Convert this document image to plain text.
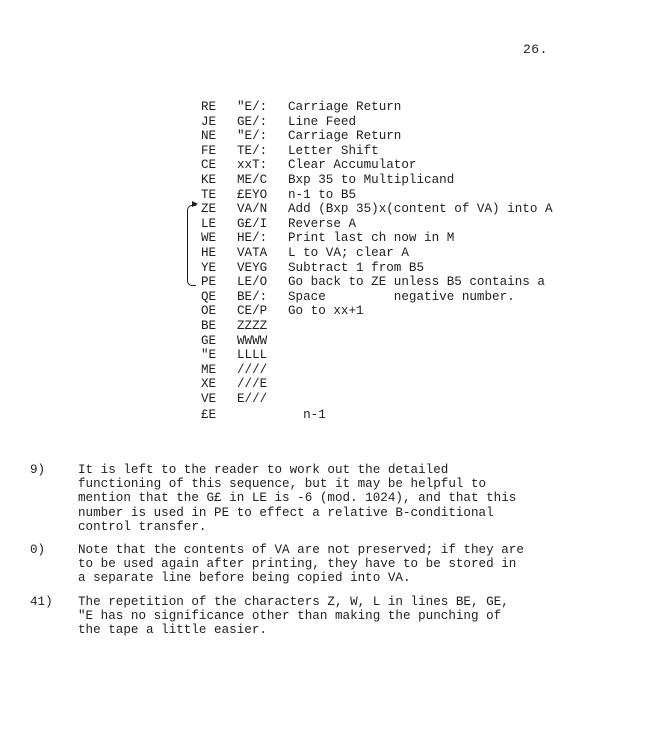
26.
RE	"E/:	Carriage Return
JE	GE/:	Line Feed
NE	"E/:	Carriage Return
FE	TE/:	Letter Shift
CE	xxT:	Clear Accumulator
KE	ME/C	Bxp 35 to Multiplicand
TE	£EYO	n-1 to B5
ZE	VA/N	Add (Bxp 35)x(content of VA) into A
LE	G£/I	Reverse A
WE	HE/:	Print last ch now in M
HE	VATA	L to VA; clear A
YE	VEYG	Subtract 1 from B5
PE	LE/O	Go back to ZE unless B5 contains a
QE	BE/:	Space         negative number.
OE	CE/P	Go to xx+1
BE	ZZZZ
GE	WWWW
"E	LLLL
ME	////
XE	///E
VE	E///
£E	n-1
9)	It is left to the reader to work out the detailed
functioning of this sequence, but it may be helpful to
mention that the G£ in LE is -6 (mod. 1024), and that this
number is used in PE to effect a relative B-conditional
control transfer.
0)	Note that the contents of VA are not preserved; if they are
to be used again after printing, they have to be stored in
a separate line before being copied into VA.
41)	The repetition of the characters Z, W, L in lines BE, GE,
"E has no significance other than making the punching of
the tape a little easier.
